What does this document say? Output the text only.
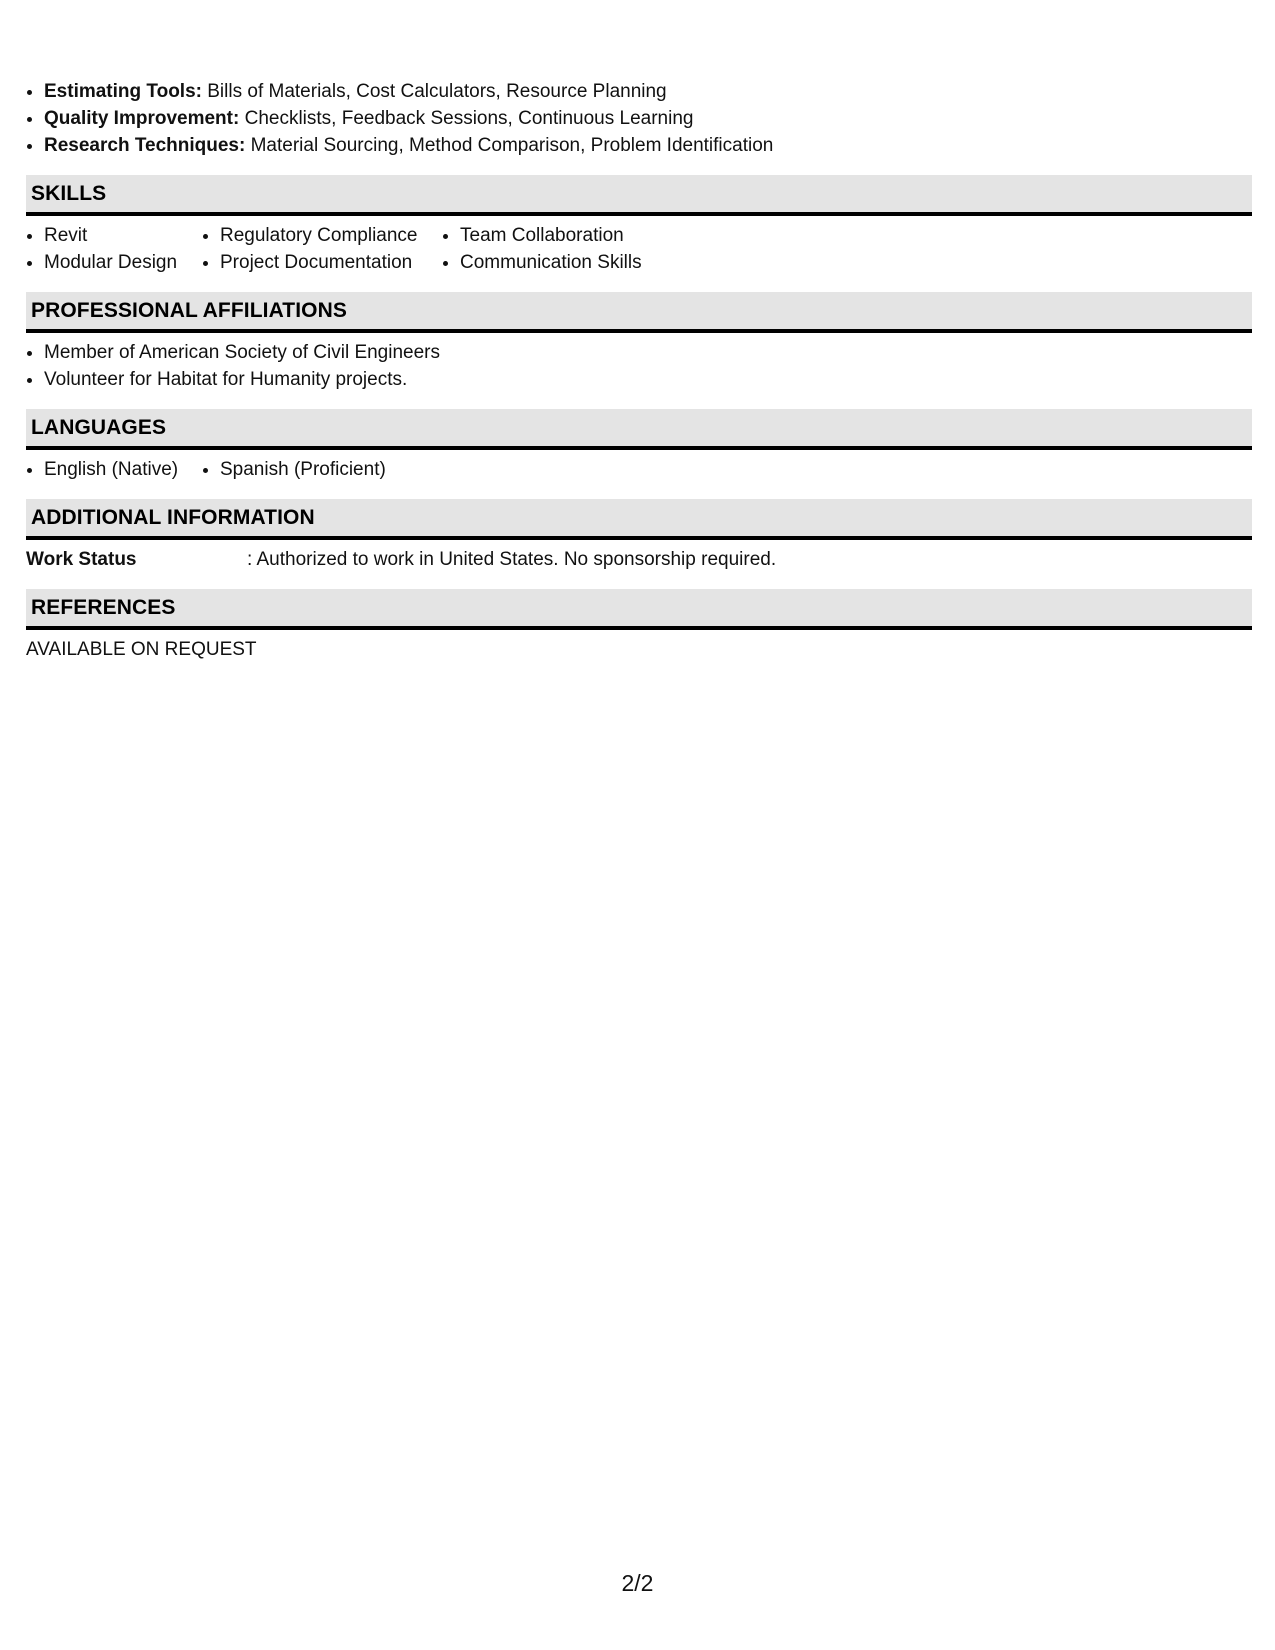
• Estimating Tools: Bills of Materials, Cost Calculators, Resource Planning
• Quality Improvement: Checklists, Feedback Sessions, Continuous Learning
• Research Techniques: Material Sourcing, Method Comparison, Problem Identification
SKILLS
• Revit
• Modular Design
• Regulatory Compliance
• Project Documentation
• Team Collaboration
• Communication Skills
PROFESSIONAL AFFILIATIONS
• Member of American Society of Civil Engineers
• Volunteer for Habitat for Humanity projects.
LANGUAGES
• English (Native)
•	Spanish (Proficient)
ADDITIONAL INFORMATION
Work Status	: Authorized to work in United States. No sponsorship required.
REFERENCES
AVAILABLE ON REQUEST
2/2
